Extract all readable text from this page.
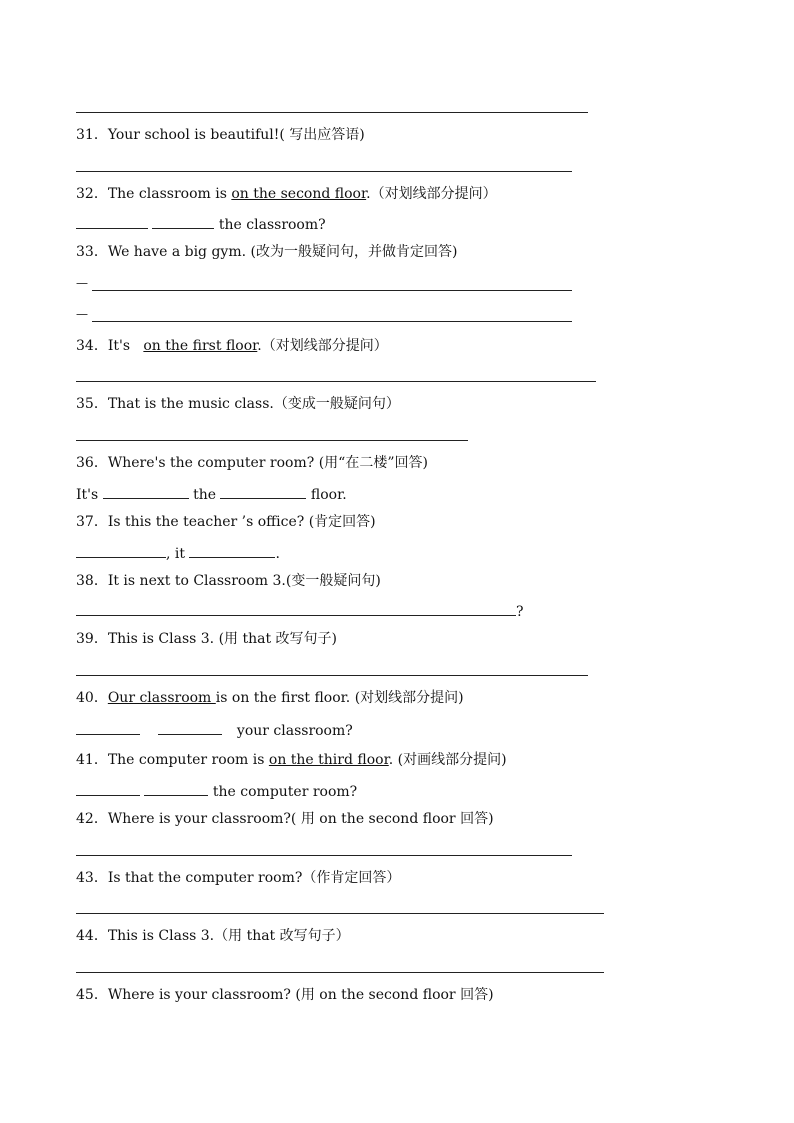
31．Your school is beautiful!( 写出应答语)
32．The classroom is on the second floor.（对划线部分提问）
the classroom?
33．We have a big gym. (改为一般疑问句，并做肯定回答)
—
—
34．It's   on the first floor.（对划线部分提问）
35．That is the music class.（变成一般疑问句）
36．Where's the computer room? (用“在二楼”回答)
It's	the	floor.
37．Is this the teacher ’s office? (肯定回答)
, it	.
38．It is next to Classroom 3.(变一般疑问句)
?
39．This is Class 3. (用 that 改写句子)
40．Our classroom is on the first floor. (对划线部分提问)
your classroom?
41．The computer room is on the third floor. (对画线部分提问)
the computer room?
42．Where is your classroom?( 用 on the second floor 回答)
43．Is that the computer room?（作肯定回答）
44．This is Class 3.（用 that 改写句子）
45．Where is your classroom? (用 on the second floor 回答)
